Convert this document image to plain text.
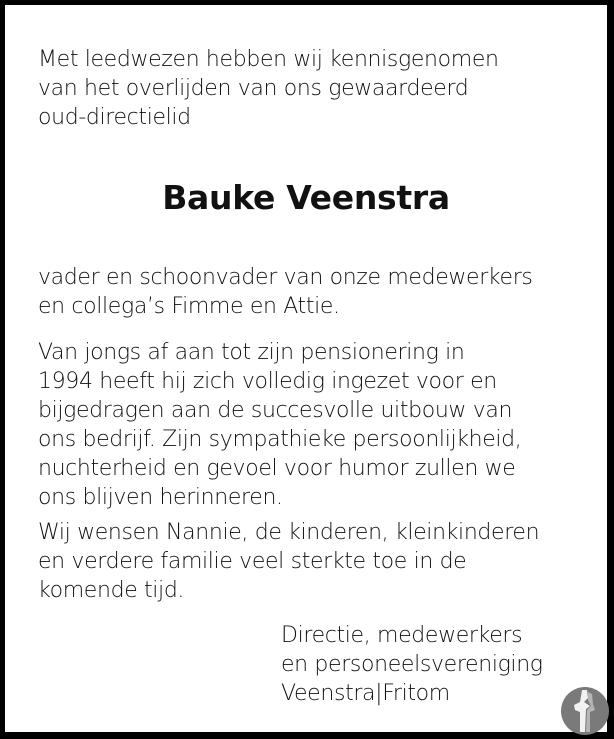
Met leedwezen hebben wij kennisgenomen
van het overlijden van ons gewaardeerd
oud-directielid

Bauke Veenstra

vader en schoonvader van onze medewerkers
en collega’s Fimme en Attie.

Van jongs af aan tot zijn pensionering in
1994 heeft hij zich volledig ingezet voor en
bijgedragen aan de succesvolle uitbouw van
ons bedrijf. Zijn sympathieke persoonlijkheid,
nuchterheid en gevoel voor humor zullen we
ons blijven herinneren.

Wij wensen Nannie, de kinderen, kleinkinderen
en verdere familie veel sterkte toe in de
komende tijd.

Directie, medewerkers
en personeelsvereniging
Veenstra|Fritom
